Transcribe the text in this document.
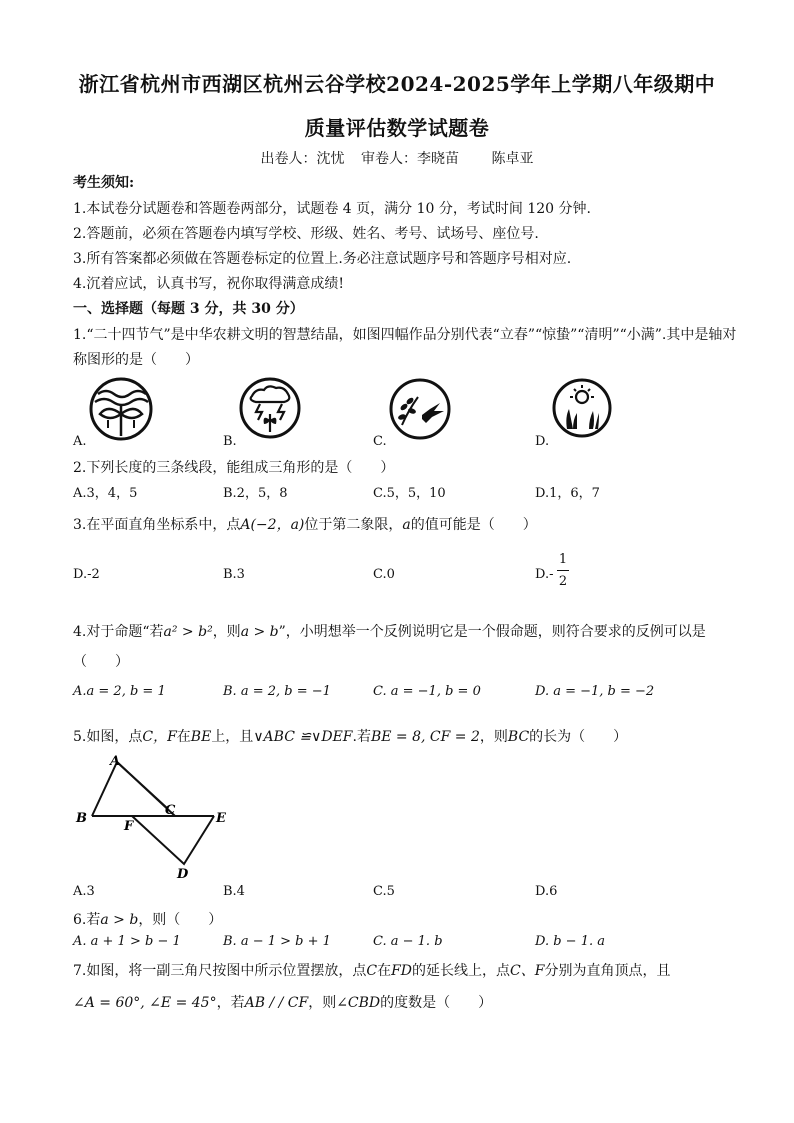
浙江省杭州市西湖区杭州云谷学校2024-2025学年上学期八年级期中
质量评估数学试题卷
出卷人：沈忧 审卷人：李晓苗 陈卓亚
考生须知:
1.本试卷分试题卷和答题卷两部分，试题卷 4 页，满分 10 分，考试时间 120 分钟.
2.答题前，必须在答题卷内填写学校、形级、姓名、考号、试场号、座位号.
3.所有答案都必须做在答题卷标定的位置上.务必注意试题序号和答题序号相对应.
4.沉着应试，认真书写，祝你取得满意成绩!
一、选择题（每题 3 分，共 30 分）
1.“二十四节气”是中华农耕文明的智慧结晶，如图四幅作品分别代表“立春”“惊蛰”“清明”“小满”.其中是轴对
称图形的是（　　）
A.	B.	C.	D.
2.下列长度的三条线段，能组成三角形的是（　　）
A.3，4，5	B.2，5，8	C.5，5，10	D.1，6，7
3.在平面直角坐标系中，点A(−2，a)位于第二象限，a的值可能是（　　）
D.-2	B.3	C.0	D.-
1
2
4.对于命题“若a² > b²，则a > b”，小明想举一个反例说明它是一个假命题，则符合要求的反例可以是
（　　）
A.a = 2, b = 1	B. a = 2, b = −1	C. a = −1, b = 0	D. a = −1, b = −2
5.如图，点C，F在BE上，且∨ABC ≌∨DEF.若BE = 8, CF = 2，则BC的长为（　　）
A
B
F
C
E
D
A.3	B.4	C.5	D.6
6.若a > b，则（　　）
A. a + 1 > b − 1	B. a − 1 > b + 1	C. a − 1. b	D. b − 1. a
7.如图，将一副三角尺按图中所示位置摆放，点C在FD的延长线上，点C、F分别为直角顶点，且
∠A = 60°, ∠E = 45°，若AB / / CF，则∠CBD的度数是（　　）
